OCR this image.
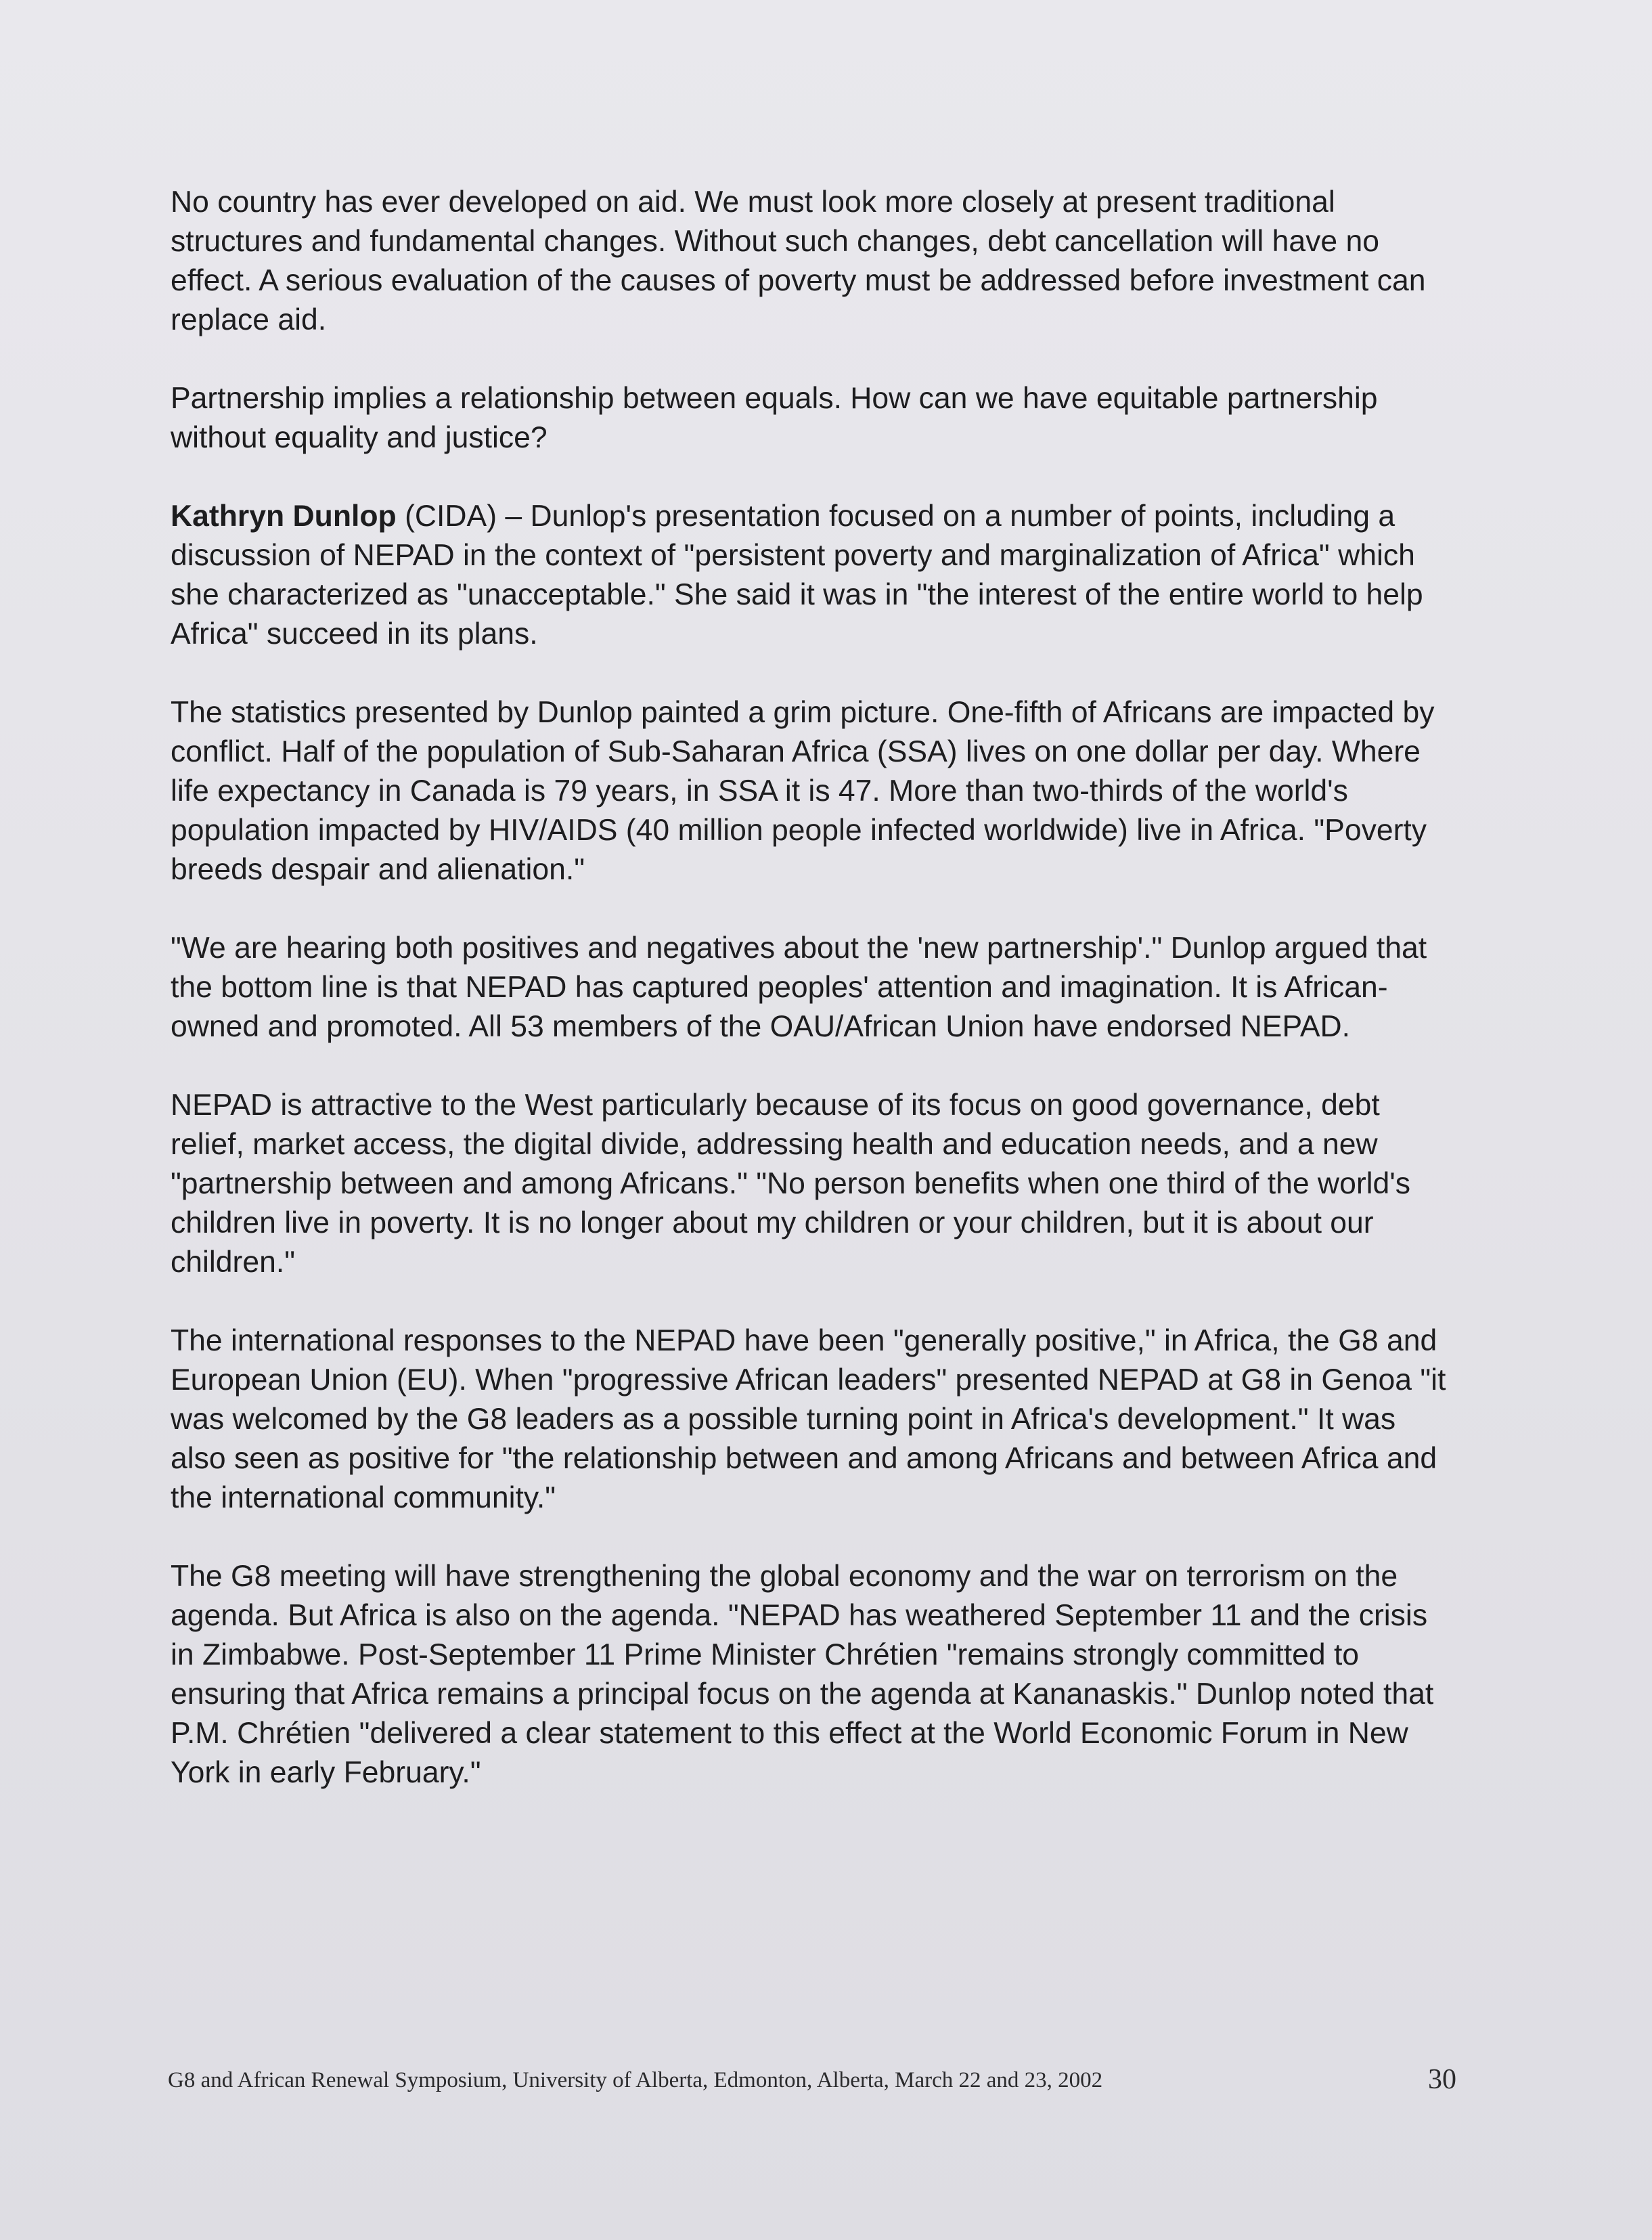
No country has ever developed on aid. We must look more closely at present traditional structures and fundamental changes. Without such changes, debt cancellation will have no effect. A serious evaluation of the causes of poverty must be addressed before investment can replace aid.

Partnership implies a relationship between equals. How can we have equitable partnership without equality and justice?

Kathryn Dunlop (CIDA) – Dunlop's presentation focused on a number of points, including a discussion of NEPAD in the context of "persistent poverty and marginalization of Africa" which she characterized as "unacceptable." She said it was in "the interest of the entire world to help Africa" succeed in its plans.

The statistics presented by Dunlop painted a grim picture. One-fifth of Africans are impacted by conflict. Half of the population of Sub-Saharan Africa (SSA) lives on one dollar per day. Where life expectancy in Canada is 79 years, in SSA it is 47. More than two-thirds of the world's population impacted by HIV/AIDS (40 million people infected worldwide) live in Africa. "Poverty breeds despair and alienation."

"We are hearing both positives and negatives about the 'new partnership'." Dunlop argued that the bottom line is that NEPAD has captured peoples' attention and imagination. It is African-owned and promoted. All 53 members of the OAU/African Union have endorsed NEPAD.

NEPAD is attractive to the West particularly because of its focus on good governance, debt relief, market access, the digital divide, addressing health and education needs, and a new "partnership between and among Africans." "No person benefits when one third of the world's children live in poverty. It is no longer about my children or your children, but it is about our children."

The international responses to the NEPAD have been "generally positive," in Africa, the G8 and European Union (EU). When "progressive African leaders" presented NEPAD at G8 in Genoa "it was welcomed by the G8 leaders as a possible turning point in Africa's development." It was also seen as positive for "the relationship between and among Africans and between Africa and the international community."

The G8 meeting will have strengthening the global economy and the war on terrorism on the agenda. But Africa is also on the agenda. "NEPAD has weathered September 11 and the crisis in Zimbabwe. Post-September 11 Prime Minister Chrétien "remains strongly committed to ensuring that Africa remains a principal focus on the agenda at Kananaskis." Dunlop noted that P.M. Chrétien "delivered a clear statement to this effect at the World Economic Forum in New York in early February."

G8 and African Renewal Symposium, University of Alberta, Edmonton, Alberta, March 22 and 23, 2002	30
